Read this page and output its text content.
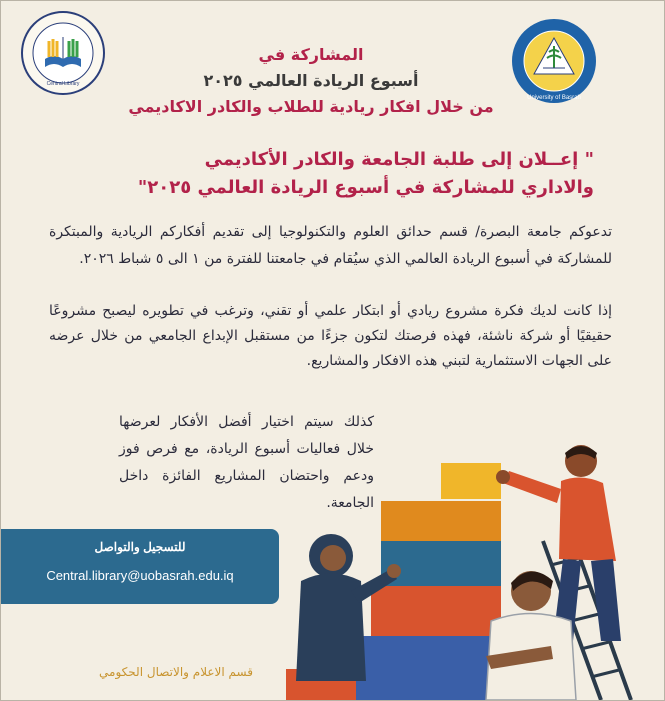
Central Library
University of Basrah
المشاركة في
أسبوع الريادة العالمي ٢٠٢٥
من خلال افكار ريادية للطلاب والكادر الاكاديمي
" إعــلان إلى طلبة الجامعة والكادر الأكاديمي
والاداري للمشاركة في أسبوع الريادة العالمي ٢٠٢٥"
تدعوكم جامعة البصرة/ قسم حدائق العلوم والتكنولوجيا إلى تقديم أفكاركم الريادية والمبتكرة للمشاركة في أسبوع الريادة العالمي الذي سيُقام في جامعتنا للفترة من ١ الى ٥ شباط ٢٠٢٦.
إذا كانت لديك فكرة مشروع ريادي أو ابتكار علمي أو تقني، وترغب في تطويره ليصبح مشروعًا حقيقيًا أو شركة ناشئة، فهذه فرصتك لتكون جزءًا من مستقبل الإبداع الجامعي من خلال عرضه على الجهات الاستثمارية لتبني هذه الافكار والمشاريع.
كذلك سيتم اختيار أفضل الأفكار لعرضها خلال فعاليات أسبوع الريادة، مع فرص فوز ودعم واحتضان المشاريع الفائزة داخل الجامعة.
للتسجيل والتواصل
Central.library@uobasrah.edu.iq
قسم الاعلام والاتصال الحكومي
